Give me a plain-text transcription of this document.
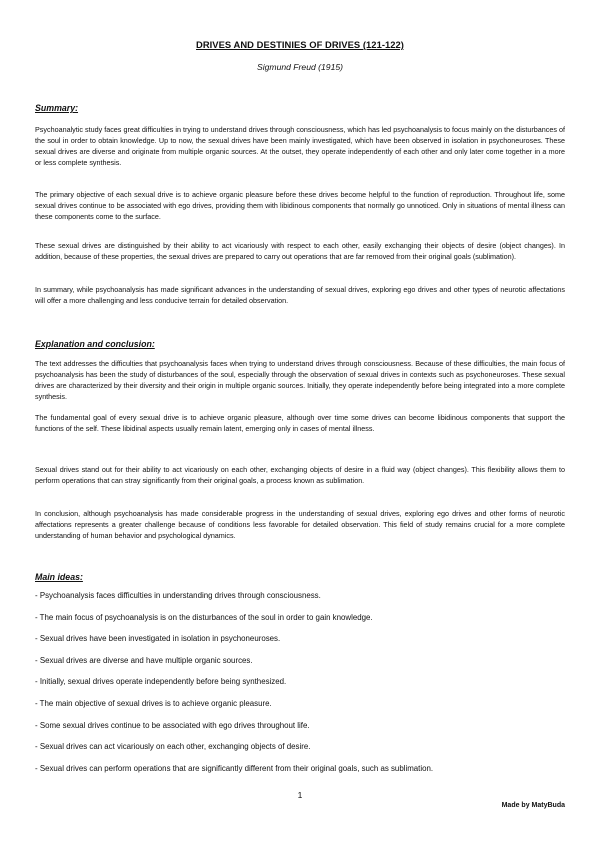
DRIVES AND DESTINIES OF DRIVES (121-122)
Sigmund Freud (1915)
Summary:

Psychoanalytic study faces great difficulties in trying to understand drives through consciousness, which has led psychoanalysis to focus mainly on the disturbances of the soul in order to obtain knowledge. Up to now, the sexual drives have been mainly investigated, which have been observed in isolation in psychoneuroses. These sexual drives are diverse and originate from multiple organic sources. At the outset, they operate independently of each other and only later come together in a more or less complete synthesis.

The primary objective of each sexual drive is to achieve organic pleasure before these drives become helpful to the function of reproduction. Throughout life, some sexual drives continue to be associated with ego drives, providing them with libidinous components that normally go unnoticed. Only in situations of mental illness can these components come to the surface.

These sexual drives are distinguished by their ability to act vicariously with respect to each other, easily exchanging their objects of desire (object changes). In addition, because of these properties, the sexual drives are prepared to carry out operations that are far removed from their original goals (sublimation).

In summary, while psychoanalysis has made significant advances in the understanding of sexual drives, exploring ego drives and other types of neurotic affectations will offer a more challenging and less conducive terrain for detailed observation.

Explanation and conclusion:

The text addresses the difficulties that psychoanalysis faces when trying to understand drives through consciousness. Because of these difficulties, the main focus of psychoanalysis has been the study of disturbances of the soul, especially through the observation of sexual drives in contexts such as psychoneuroses. These sexual drives are characterized by their diversity and their origin in multiple organic sources. Initially, they operate independently before being integrated into a more complete synthesis.

The fundamental goal of every sexual drive is to achieve organic pleasure, although over time some drives can become libidinous components that support the functions of the self. These libidinal aspects usually remain latent, emerging only in cases of mental illness.

Sexual drives stand out for their ability to act vicariously on each other, exchanging objects of desire in a fluid way (object changes). This flexibility allows them to perform operations that can stray significantly from their original goals, a process known as sublimation.

In conclusion, although psychoanalysis has made considerable progress in the understanding of sexual drives, exploring ego drives and other forms of neurotic affectations represents a greater challenge because of conditions less favorable for detailed observation. This field of study remains crucial for a more complete understanding of human behavior and psychological dynamics.

Main ideas:
- Psychoanalysis faces difficulties in understanding drives through consciousness.
- The main focus of psychoanalysis is on the disturbances of the soul in order to gain knowledge.
- Sexual drives have been investigated in isolation in psychoneuroses.
- Sexual drives are diverse and have multiple organic sources.
- Initially, sexual drives operate independently before being synthesized.
- The main objective of sexual drives is to achieve organic pleasure.
- Some sexual drives continue to be associated with ego drives throughout life.
- Sexual drives can act vicariously on each other, exchanging objects of desire.
- Sexual drives can perform operations that are significantly different from their original goals, such as sublimation.
1
Made by MatyBuda
